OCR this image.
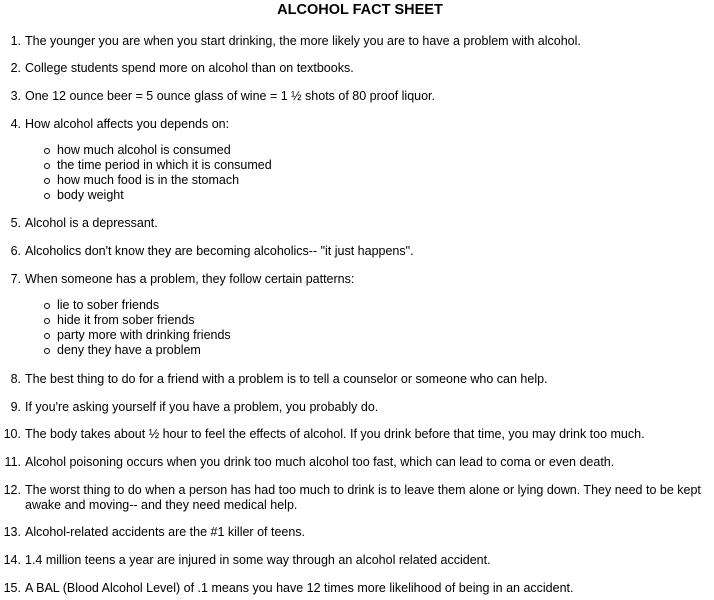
ALCOHOL FACT SHEET
1. The younger you are when you start drinking, the more likely you are to have a problem with alcohol.
2. College students spend more on alcohol than on textbooks.
3. One 12 ounce beer = 5 ounce glass of wine = 1 ½ shots of 80 proof liquor.
4. How alcohol affects you depends on:
how much alcohol is consumed
the time period in which it is consumed
how much food is in the stomach
body weight
5. Alcohol is a depressant.
6. Alcoholics don't know they are becoming alcoholics-- "it just happens".
7. When someone has a problem, they follow certain patterns:
lie to sober friends
hide it from sober friends
party more with drinking friends
deny they have a problem
8. The best thing to do for a friend with a problem is to tell a counselor or someone who can help.
9. If you're asking yourself if you have a problem, you probably do.
10. The body takes about ½ hour to feel the effects of alcohol. If you drink before that time, you may drink too much.
11. Alcohol poisoning occurs when you drink too much alcohol too fast, which can lead to coma or even death.
12. The worst thing to do when a person has had too much to drink is to leave them alone or lying down. They need to be kept awake and moving-- and they need medical help.
13. Alcohol-related accidents are the #1 killer of teens.
14. 1.4 million teens a year are injured in some way through an alcohol related accident.
15. A BAL (Blood Alcohol Level) of .1 means you have 12 times more likelihood of being in an accident.
